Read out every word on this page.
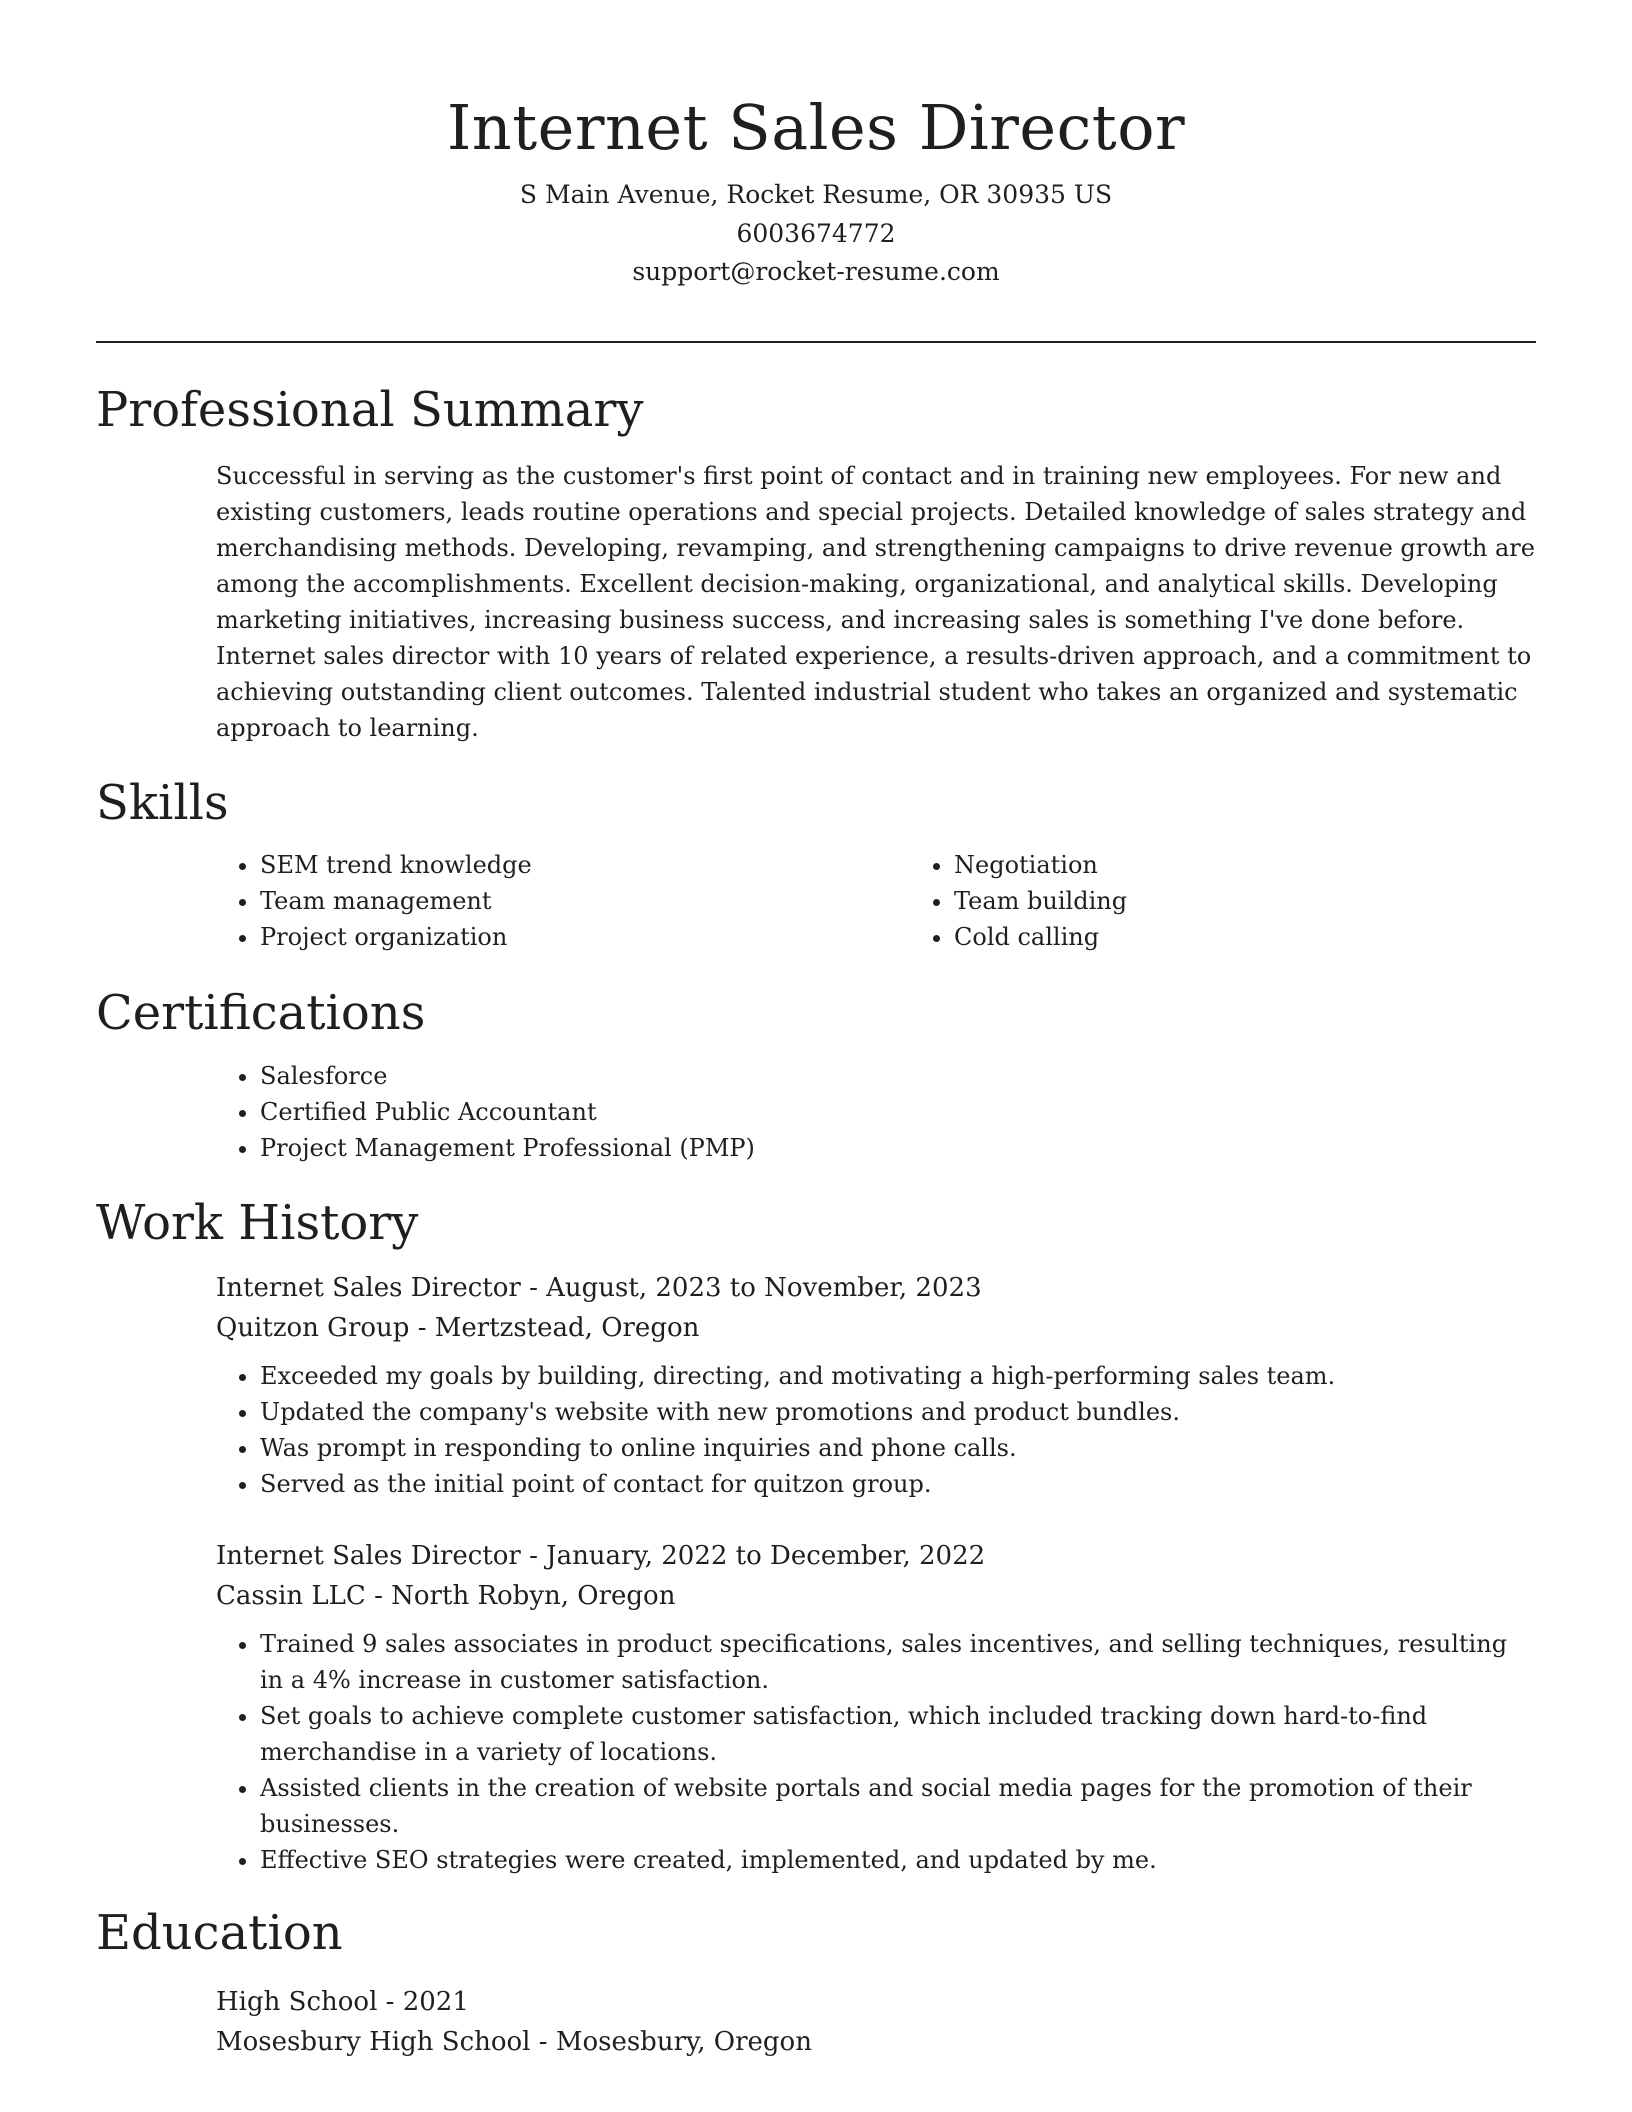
Internet Sales Director
S Main Avenue, Rocket Resume, OR 30935 US
6003674772
support@rocket-resume.com
Professional Summary

Successful in serving as the customer's first point of contact and in training new employees. For new and existing customers, leads routine operations and special projects. Detailed knowledge of sales strategy and merchandising methods. Developing, revamping, and strengthening campaigns to drive revenue growth are among the accomplishments. Excellent decision-making, organizational, and analytical skills. Developing marketing initiatives, increasing business success, and increasing sales is something I've done before. Internet sales director with 10 years of related experience, a results-driven approach, and a commitment to achieving outstanding client outcomes. Talented industrial student who takes an organized and systematic approach to learning.

Skills
• SEM trend knowledge
• Team management
• Project organization
• Negotiation
• Team building
• Cold calling
Certifications
• Salesforce
• Certified Public Accountant
• Project Management Professional (PMP)
Work History
Internet Sales Director - August, 2023 to November, 2023
Quitzon Group - Mertzstead, Oregon
• Exceeded my goals by building, directing, and motivating a high-performing sales team.
• Updated the company's website with new promotions and product bundles.
• Was prompt in responding to online inquiries and phone calls.
• Served as the initial point of contact for quitzon group.
Internet Sales Director - January, 2022 to December, 2022
Cassin LLC - North Robyn, Oregon
• Trained 9 sales associates in product specifications, sales incentives, and selling techniques, resulting in a 4% increase in customer satisfaction.
• Set goals to achieve complete customer satisfaction, which included tracking down hard-to-find merchandise in a variety of locations.
• Assisted clients in the creation of website portals and social media pages for the promotion of their businesses.
• Effective SEO strategies were created, implemented, and updated by me.
Education
High School - 2021
Mosesbury High School - Mosesbury, Oregon
